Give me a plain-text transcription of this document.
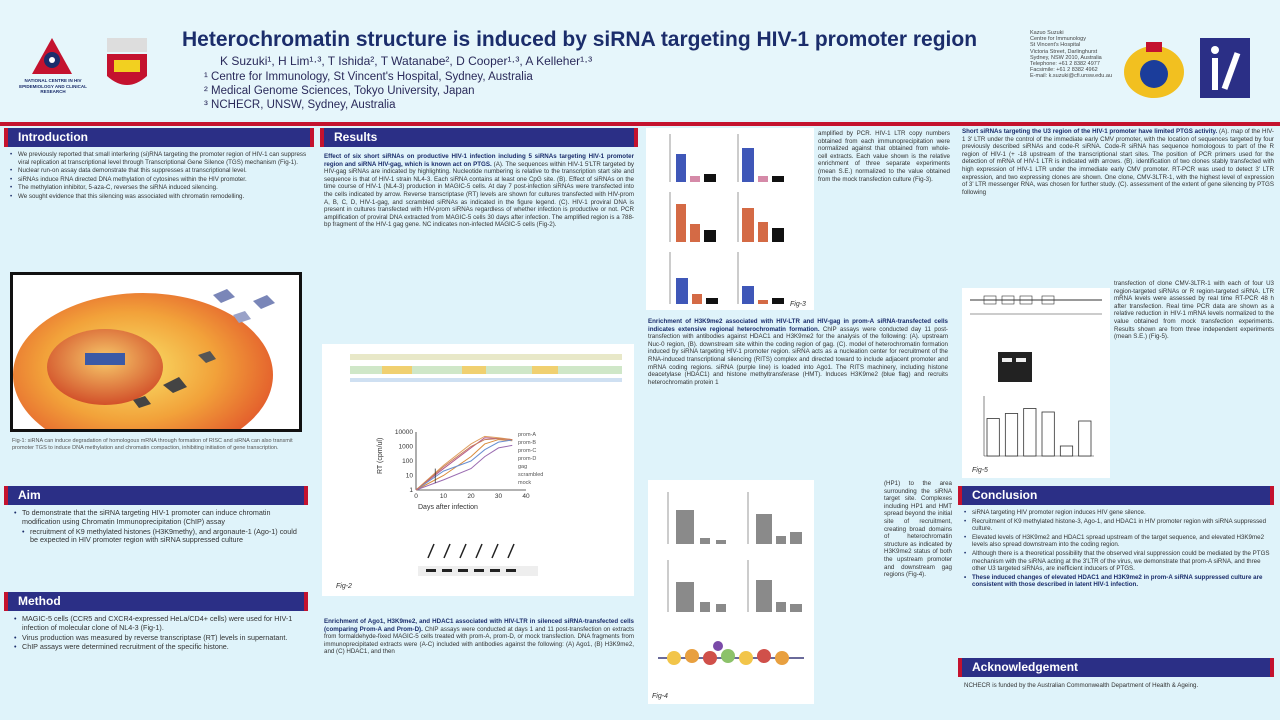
NATIONAL CENTRE IN HIV EPIDEMIOLOGY AND CLINICAL RESEARCH
Heterochromatin structure is induced by siRNA targeting HIV-1 promoter region
K Suzuki¹, H Lim¹·³, T Ishida², T Watanabe², D Cooper¹·³, A Kelleher¹·³
¹ Centre for Immunology, St Vincent's Hospital, Sydney, Australia
² Medical Genome Sciences, Tokyo University, Japan
³ NCHECR, UNSW, Sydney, Australia
Kazuo Suzuki
Centre for Immunology
St Vincent's Hospital
Victoria Street, Darlinghurst
Sydney, NSW 2010, Australia
Telephone: +61 2 8382 4977
Facsimile: +61 2 8382 4962
E-mail: k.suzuki@cfi.unsw.edu.au
Introduction
• We previously reported that small interfering (si)RNA targeting the promoter region of HIV-1 can suppress viral replication at transcriptional level through Transcriptional Gene Silence (TGS) mechanism (Fig-1).
• Nuclear run-on assay data demonstrate that this suppresses at transcriptional level.
• siRNAs induce RNA directed DNA methylation of cytosines within the HIV promoter.
• The methylation inhibitor, 5-aza-C, reverses the siRNA induced silencing.
• We sought evidence that this silencing was associated with chromatin remodelling.
Fig-1: siRNA can induce degradation of homologous mRNA through formation of RISC and siRNA can also transmit promoter TGS to induce DNA methylation and chromatin compaction, inhibiting initiation of gene transcription.
Aim
• To demonstrate that the siRNA targeting HIV-1 promoter can induce chromatin modification using Chromatin Immunoprecipitation (ChIP) assay
• recruitment of K9 methylated histones (H3K9methy), and argonaute-1 (Ago-1) could be expected in HIV promoter region with siRNA suppressed culture
Method
• MAGIC-5 cells (CCR5 and CXCR4-expressed HeLa/CD4+ cells) were used for HIV-1 infection of molecular clone of NL4-3 (Fig-1).
• Virus production was measured by reverse transcriptase (RT) levels in supernatant.
• ChIP assays were determined recruitment of the specific histone.
Results
Effect of six short siRNAs on productive HIV-1 infection including 5 siRNAs targeting HIV-1 promoter region and siRNA HIV-gag, which is known act on PTGS. (A). The sequences within HIV-1 5'LTR targeted by HIV-gag siRNAs are indicated by highlighting. Nucleotide numbering is relative to the transcription start site and sequence is that of HIV-1 strain NL4-3. Each siRNA contains at least one CpG site. (B). Effect of siRNAs on the time course of HIV-1 (NL4-3) production in MAGIC-5 cells. At day 7 post-infection siRNAs were transfected into the cells indicated by arrow. Reverse transcriptase (RT) levels are shown for cultures transfected with HIV-prom A, B, C, D, HIV-1-gag, and scrambled siRNAs as indicated in the figure legend. (C). HIV-1 proviral DNA is present in cultures transfected with HIV-prom siRNAs regardless of whether infection is productive or not. PCR amplification of proviral DNA extracted from MAGIC-5 cells 30 days after infection. The amplified region is a 788-bp fragment of the HIV-1 gag gene. NC indicates non-infected MAGIC-5 cells (Fig-2).
10000
1000
100
10
1
0	10	20	30	40
Days after infection
RT (cpm/ul)
prom-A
prom-B
prom-C
prom-D
gag
scrambled
mock
Fig-2
Enrichment of Ago1, H3K9me2, and HDAC1 associated with HIV-LTR in silenced siRNA-transfected cells (comparing Prom-A and Prom-D). ChIP assays were conducted at days 1 and 11 post-transfection on extracts from formaldehyde-fixed MAGIC-5 cells treated with prom-A, prom-D, or mock transfection. DNA fragments from immunoprecipitated extracts were (A-C) included with antibodies against the following: (A) Ago1, (B) H3K9me2, and (C) HDAC1, and then
Fig-3
amplified by PCR. HIV-1 LTR copy numbers obtained from each immunoprecipitation were normalized against that obtained from whole-cell extracts. Each value shown is the relative enrichment of three separate experiments (mean S.E.) normalized to the value obtained from the mock transfection culture (Fig-3).
Enrichment of H3K9me2 associated with HIV-LTR and HIV-gag in prom-A siRNA-transfected cells indicates extensive regional heterochromatin formation. ChIP assays were conducted day 11 post-transfection with antibodies against HDAC1 and H3K9me2 for the analysis of the following: (A). upstream Nuc-0 region, (B). downstream site within the coding region of gag. (C). model of heterochromatin formation induced by siRNA targeting HIV-1 promoter region. siRNA acts as a nucleation center for recruitment of the RNA-induced transcriptional silencing (RITS) complex and directed toward to include adjacent promoter and mRNA coding regions. siRNA (purple line) is loaded into Ago1. The RITS machinery, including histone deacetylase (HDAC1) and histone methyltransferase (HMT). Induces H3K9me2 (blue flag) and recruits heterochromatin protein 1
Fig-4
(HP1) to the area surrounding the siRNA target site. Complexes including HP1 and HMT spread beyond the initial site of recruitment, creating broad domains of heterochromatin structure as indicated by H3K9me2 status of both the upstream promoter and downstream gag regions (Fig-4).
Short siRNAs targeting the U3 region of the HIV-1 promoter have limited PTGS activity. (A). map of the HIV-1 3' LTR under the control of the immediate early CMV promoter, with the location of sequences targeted by four previously described siRNAs and code-R siRNA. Code-R siRNA has sequence homologous to part of the R region of HIV-1 (+ -18 upstream of the transcriptional start sites. The position of PCR primers used for the detection of mRNA of HIV-1 LTR is indicated with arrows. (B). identification of two clones stably transfected with high expression of HIV-1 LTR under the immediate early CMV promoter. RT-PCR was used to detect 3' LTR expression, and two expressing clones are shown. One clone, CMV-3LTR-1, with the highest level of expression of 3' LTR messenger RNA, was chosen for further study. (C). assessment of the extent of gene silencing by PTGS following
Fig-5
transfection of clone CMV-3LTR-1 with each of four U3 region-targeted siRNAs or R region-targeted siRNA. LTR mRNA levels were assessed by real time RT-PCR 48 h after transfection. Real time PCR data are shown as a relative reduction in HIV-1 mRNA levels normalized to the value obtained from mock transfection experiments. Results shown are from three independent experiments (mean S.E.) (Fig-5).
Conclusion
• siRNA targeting HIV promoter region induces HIV gene silence.
• Recruitment of K9 methylated histone-3, Ago-1, and HDAC1 in HIV promoter region with siRNA suppressed culture.
• Elevated levels of H3K9me2 and HDAC1 spread upstream of the target sequence, and elevated H3K9me2 levels also spread downstream into the coding region.
• Although there is a theoretical possibility that the observed viral suppression could be mediated by the PTGS mechanism with the siRNA acting at the 3'LTR of the virus, we demonstrate that prom-A siRNA, and three other U3 targeted siRNAs, are inefficient inducers of PTGS.
• These induced changes of elevated HDAC1 and H3K9me2 in prom-A siRNA suppressed culture are consistent with those described in latent HIV-1 infection.
Acknowledgement
NCHECR is funded by the Australian Commonwealth Department of Health & Ageing.
